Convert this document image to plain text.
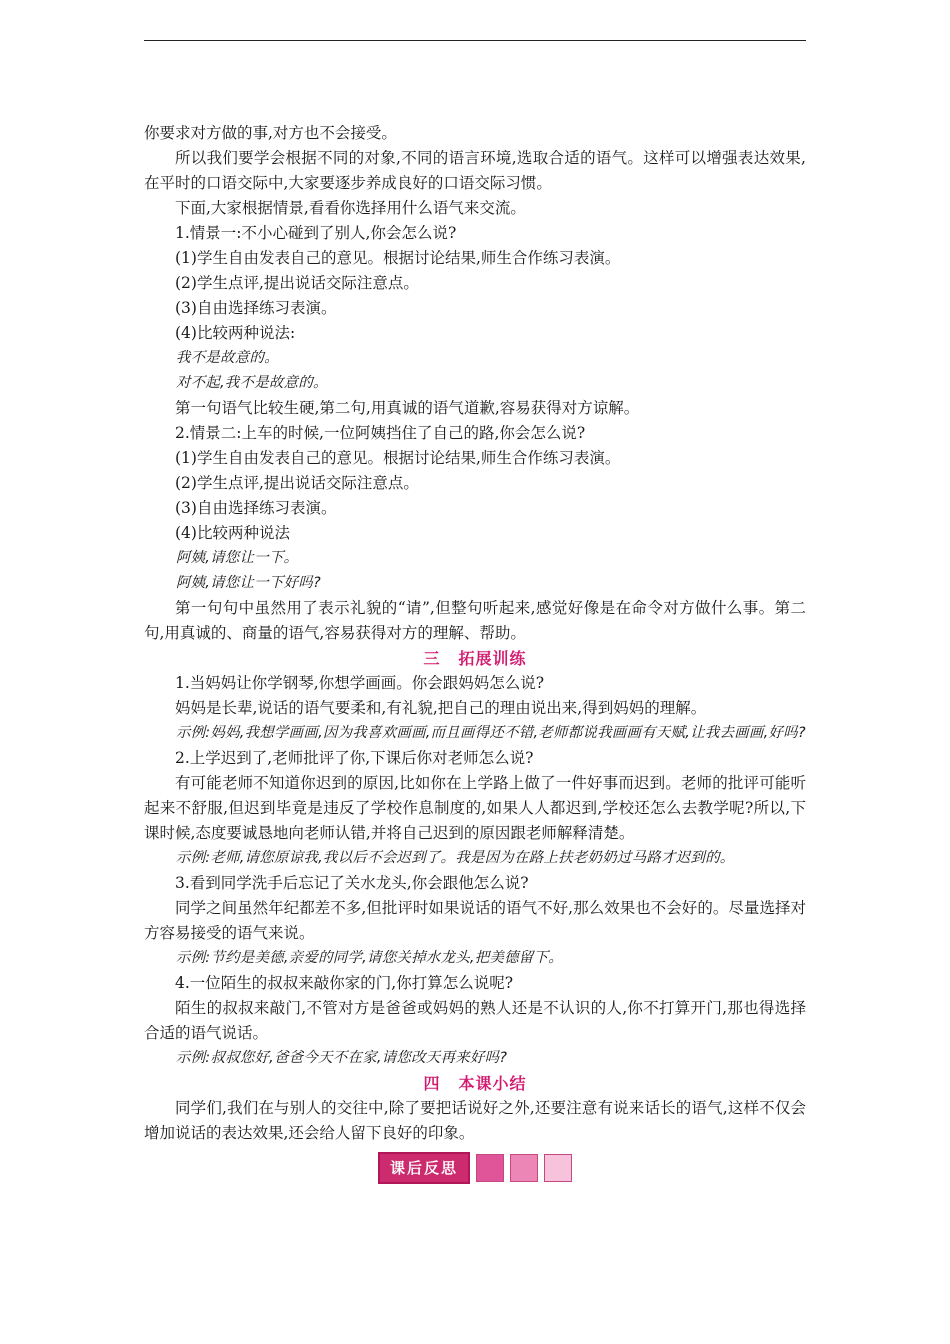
你要求对方做的事,对方也不会接受。

所以我们要学会根据不同的对象,不同的语言环境,选取合适的语气。这样可以增强表达效果,在平时的口语交际中,大家要逐步养成良好的口语交际习惯。

下面,大家根据情景,看看你选择用什么语气来交流。

1.情景一:不小心碰到了别人,你会怎么说?

(1)学生自由发表自己的意见。根据讨论结果,师生合作练习表演。

(2)学生点评,提出说话交际注意点。

(3)自由选择练习表演。

(4)比较两种说法:

我不是故意的。

对不起,我不是故意的。

第一句语气比较生硬,第二句,用真诚的语气道歉,容易获得对方谅解。

2.情景二:上车的时候,一位阿姨挡住了自己的路,你会怎么说?

(1)学生自由发表自己的意见。根据讨论结果,师生合作练习表演。

(2)学生点评,提出说话交际注意点。

(3)自由选择练习表演。

(4)比较两种说法

阿姨,请您让一下。

阿姨,请您让一下好吗?

第一句句中虽然用了表示礼貌的“请”,但整句听起来,感觉好像是在命令对方做什么事。第二句,用真诚的、商量的语气,容易获得对方的理解、帮助。

三 拓展训练

1.当妈妈让你学钢琴,你想学画画。你会跟妈妈怎么说?

妈妈是长辈,说话的语气要柔和,有礼貌,把自己的理由说出来,得到妈妈的理解。

示例:妈妈,我想学画画,因为我喜欢画画,而且画得还不错,老师都说我画画有天赋,让我去画画,好吗?

2.上学迟到了,老师批评了你,下课后你对老师怎么说?

有可能老师不知道你迟到的原因,比如你在上学路上做了一件好事而迟到。老师的批评可能听起来不舒服,但迟到毕竟是违反了学校作息制度的,如果人人都迟到,学校还怎么去教学呢?所以,下课时候,态度要诚恳地向老师认错,并将自己迟到的原因跟老师解释清楚。

示例:老师,请您原谅我,我以后不会迟到了。我是因为在路上扶老奶奶过马路才迟到的。

3.看到同学洗手后忘记了关水龙头,你会跟他怎么说?

同学之间虽然年纪都差不多,但批评时如果说话的语气不好,那么效果也不会好的。尽量选择对方容易接受的语气来说。

示例:节约是美德,亲爱的同学,请您关掉水龙头,把美德留下。

4.一位陌生的叔叔来敲你家的门,你打算怎么说呢?

陌生的叔叔来敲门,不管对方是爸爸或妈妈的熟人还是不认识的人,你不打算开门,那也得选择合适的语气说话。

示例:叔叔您好,爸爸今天不在家,请您改天再来好吗?

四 本课小结

同学们,我们在与别人的交往中,除了要把话说好之外,还要注意有说来话长的语气,这样不仅会增加说话的表达效果,还会给人留下良好的印象。

课后反思
